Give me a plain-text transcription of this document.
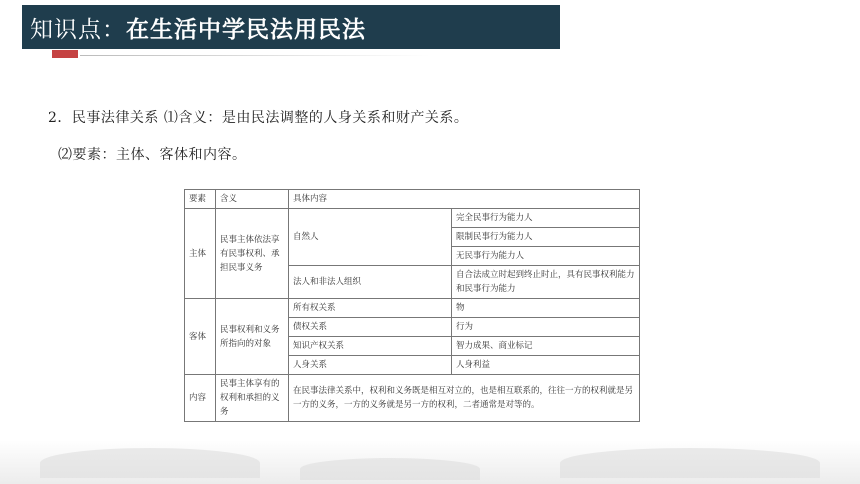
知识点： 在生活中学民法用民法
2．民事法律关系 ⑴含义：是由民法调整的人身关系和财产关系。
⑵要素：主体、客体和内容。
要素	含义	具体内容	
主体	民事主体依法享有民事权利、承担民事义务	自然人	完全民事行为能力人
			限制民事行为能力人
			无民事行为能力人
		法人和非法人组织	自合法成立时起到终止时止，具有民事权利能力和民事行为能力
客体	民事权利和义务所指向的对象	所有权关系	物
		债权关系	行为
		知识产权关系	智力成果、商业标记
		人身关系	人身利益
内容	民事主体享有的权利和承担的义务	在民事法律关系中，权利和义务既是相互对立的，也是相互联系的，往往一方的权利就是另一方的义务，一方的义务就是另一方的权利，二者通常是对等的。	
